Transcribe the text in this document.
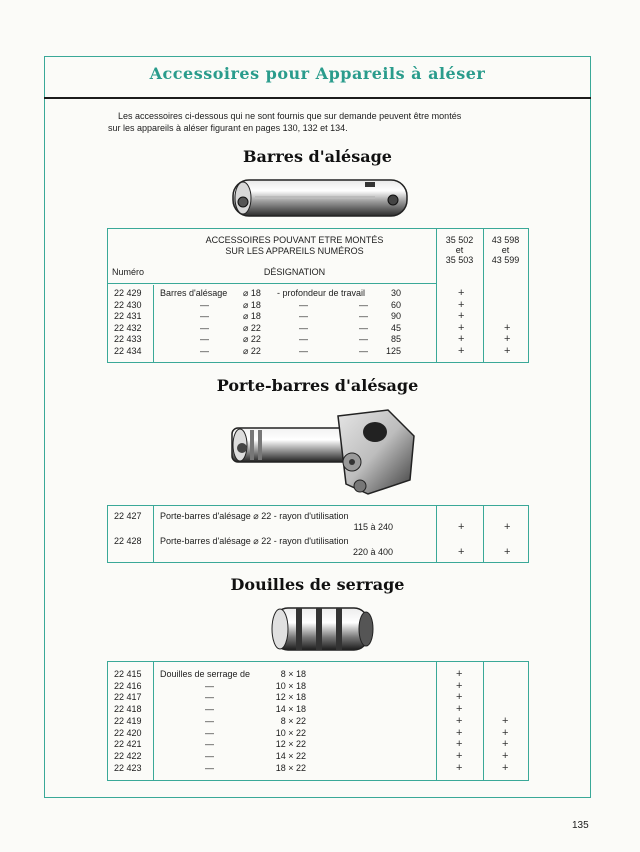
Accessoires pour Appareils à aléser
Les accessoires ci-dessous qui ne sont fournis que sur demande peuvent être montés
sur les appareils à aléser figurant en pages 130, 132 et 134.
Barres d'alésage
ACCESSOIRES POUVANT ETRE MONTÉS
SUR LES APPAREILS NUMÉROS
Numéro	DÉSIGNATION
35 502
et
35 503
43 598
et
43 599
22 429 Barres d'alésage ⌀ 18 - profondeur de travail	30	+
22 430	—	⌀ 18	—	—	60	+
22 431	—	⌀ 18	—	—	90	+
22 432	—	⌀ 22	—	—	45	+	+
22 433	—	⌀ 22	—	—	85	+	+
22 434	—	⌀ 22	—	— 125	+	+
Porte-barres d'alésage
22 427 Porte-barres d'alésage ⌀ 22 - rayon d'utilisation
115 à 240	+	+
22 428 Porte-barres d'alésage ⌀ 22 - rayon d'utilisation
220 à 400	+	+
Douilles de serrage
22 415 Douilles de serrage de	8 × 18	+
22 416	—	10 × 18	+
22 417	—	12 × 18	+
22 418	—	14 × 18	+
22 419	—	8 × 22	+	+
22 420	—	10 × 22	+	+
22 421	—	12 × 22	+	+
22 422	—	14 × 22	+	+
22 423	—	18 × 22	+	+
135
